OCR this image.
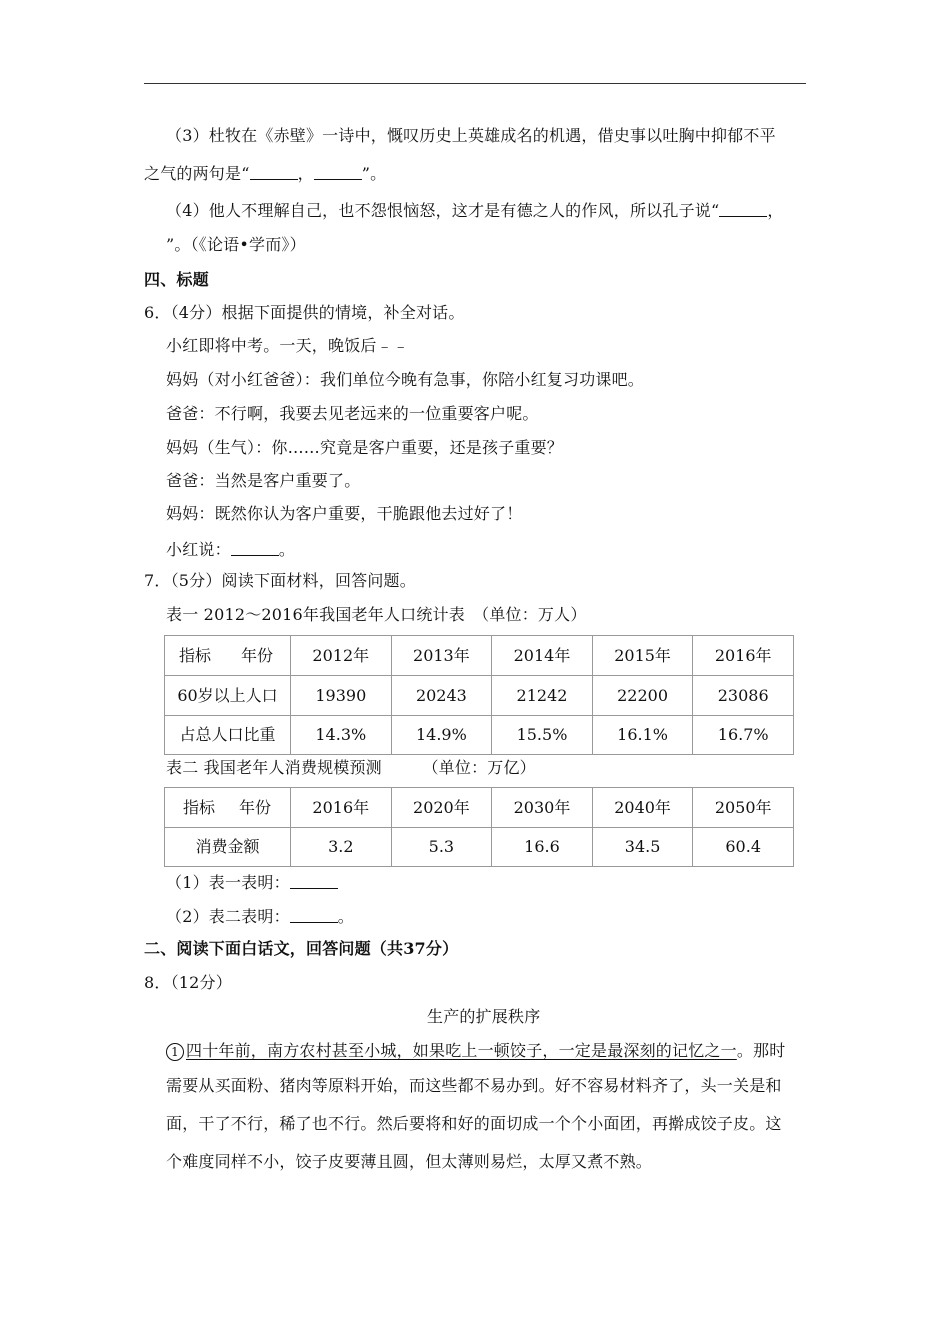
（3）杜牧在《赤壁》一诗中，慨叹历史上英雄成名的机遇，借史事以吐胸中抑郁不平
之气的两句是“	，	”。
（4）他人不理解自己，也不怨恨恼怒，这才是有德之人的作风，所以孔子说“	，
”。（《论语•学而》）
四、标题
6．（4分）根据下面提供的情境，补全对话。
小红即将中考。一天，晚饭后﹣﹣
妈妈（对小红爸爸）：我们单位今晚有急事，你陪小红复习功课吧。
爸爸：不行啊，我要去见老远来的一位重要客户呢。
妈妈（生气）：你……究竟是客户重要，还是孩子重要？
爸爸：当然是客户重要了。
妈妈：既然你认为客户重要，干脆跟他去过好了！
小红说：	。
7．（5分）阅读下面材料，回答问题。
表一 2012～2016年我国老年人口统计表　（单位：万人）
指标 年份	2012年	2013年	2014年	2015年	2016年
60岁以上人口	19390	20243	21242	22200	23086
占总人口比重	14.3%	14.9%	15.5%	16.1%	16.7%
表二 我国老年人消费规模预测　　　（单位：万亿）
指标 年份	2016年	2020年	2030年	2040年	2050年
消费金额	3.2	5.3	16.6	34.5	60.4
（1）表一表明：
（2）表二表明：	。
二、阅读下面白话文，回答问题（共37分）
8．（12分）
生产的扩展秩序
1 四十年前，南方农村甚至小城，如果吃上一顿饺子，一定是最深刻的记忆之一。那时
需要从买面粉、猪肉等原料开始，而这些都不易办到。好不容易材料齐了，头一关是和
面，干了不行，稀了也不行。然后要将和好的面切成一个个小面团，再擀成饺子皮。这
个难度同样不小，饺子皮要薄且圆，但太薄则易烂，太厚又煮不熟。
